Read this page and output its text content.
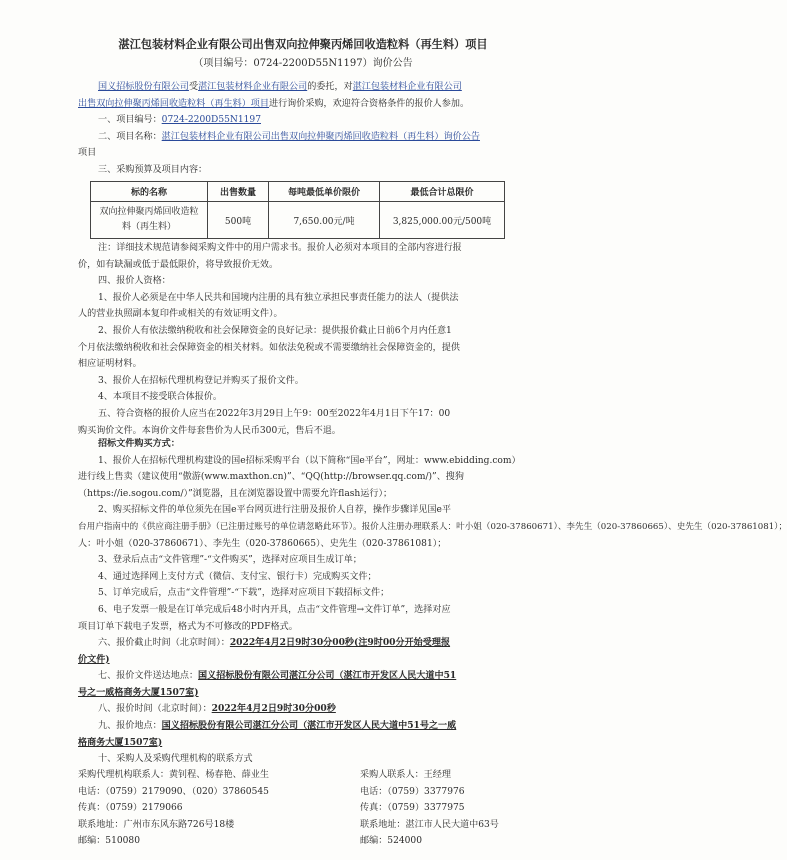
湛江包装材料企业有限公司出售双向拉伸聚丙烯回收造粒料（再生料）项目
（项目编号：0724-2200D55N1197）询价公告
国义招标股份有限公司受湛江包装材料企业有限公司的委托，对湛江包装材料企业有限公司
出售双向拉伸聚丙烯回收造粒料（再生料）项目进行询价采购，欢迎符合资格条件的报价人参加。
一、项目编号：0724-2200D55N1197
二、项目名称：湛江包装材料企业有限公司出售双向拉伸聚丙烯回收造粒料（再生料）询价公告
项目
三、采购预算及项目内容：
标的名称	出售数量	每吨最低单价限价	最低合计总限价
双向拉伸聚丙烯回收造粒料（再生料）	500吨	7,650.00元/吨	3,825,000.00元/500吨
注：详细技术规范请参阅采购文件中的用户需求书。报价人必须对本项目的全部内容进行报
价，如有缺漏或低于最低限价，将导致报价无效。
四、报价人资格：
1、报价人必须是在中华人民共和国境内注册的具有独立承担民事责任能力的法人（提供法
人的营业执照副本复印件或相关的有效证明文件）。
2、报价人有依法缴纳税收和社会保障资金的良好记录：提供报价截止日前6个月内任意1
个月依法缴纳税收和社会保障资金的相关材料。如依法免税或不需要缴纳社会保障资金的，提供
相应证明材料。
3、报价人在招标代理机构登记并购买了报价文件。
4、本项目不接受联合体报价。
五、符合资格的报价人应当在2022年3月29日上午9：00至2022年4月1日下午17：00
购买询价文件。本询价文件每套售价为人民币300元，售后不退。
招标文件购买方式：
1、报价人在招标代理机构建设的国e招标采购平台（以下简称“国e平台”，网址：www.ebidding.com）
进行线上售卖（建议使用“傲游(www.maxthon.cn)”、“QQ(http://browser.qq.com/)”、搜狗
（https://ie.sogou.com/）”浏览器，且在浏览器设置中需要允许flash运行）；
2、购买招标文件的单位须先在国e平台网页进行注册及报价人自荐，操作步骤详见国e平
台用户指南中的《供应商注册手册》（已注册过账号的单位请忽略此环节）。报价人注册办理联系人：叶小姐（020-37860671）、李先生（020-37860665）、史先生（020-37861081）；
人：叶小姐（020-37860671）、李先生（020-37860665）、史先生（020-37861081）；
3、登录后点击“文件管理”-“文件购买”，选择对应项目生成订单；
4、通过选择网上支付方式（微信、支付宝、银行卡）完成购买文件；
5、订单完成后，点击“文件管理”-“下载”，选择对应项目下载招标文件；
6、电子发票一般是在订单完成后48小时内开具，点击“文件管理→文件订单”，选择对应
项目订单下载电子发票，格式为不可修改的PDF格式。
六、报价截止时间（北京时间）：2022年4月2日9时30分00秒(注9时00分开始受理报
价文件)
七、报价文件送达地点：国义招标股份有限公司湛江分公司（湛江市开发区人民大道中51
号之一威格商务大厦1507室)
八、报价时间（北京时间）：2022年4月2日9时30分00秒
九、报价地点：国义招标股份有限公司湛江分公司（湛江市开发区人民大道中51号之一威
格商务大厦1507室)
十、采购人及采购代理机构的联系方式
采购代理机构联系人：黄钊程、杨春艳、薛业生
电话：（0759）2179090、（020）37860545
传真：（0759）2179066
联系地址：广州市东风东路726号18楼
邮编：510080
采购人联系人：王经理
电话：（0759）3377976
传真：（0759）3377975
联系地址：湛江市人民大道中63号
邮编：524000
